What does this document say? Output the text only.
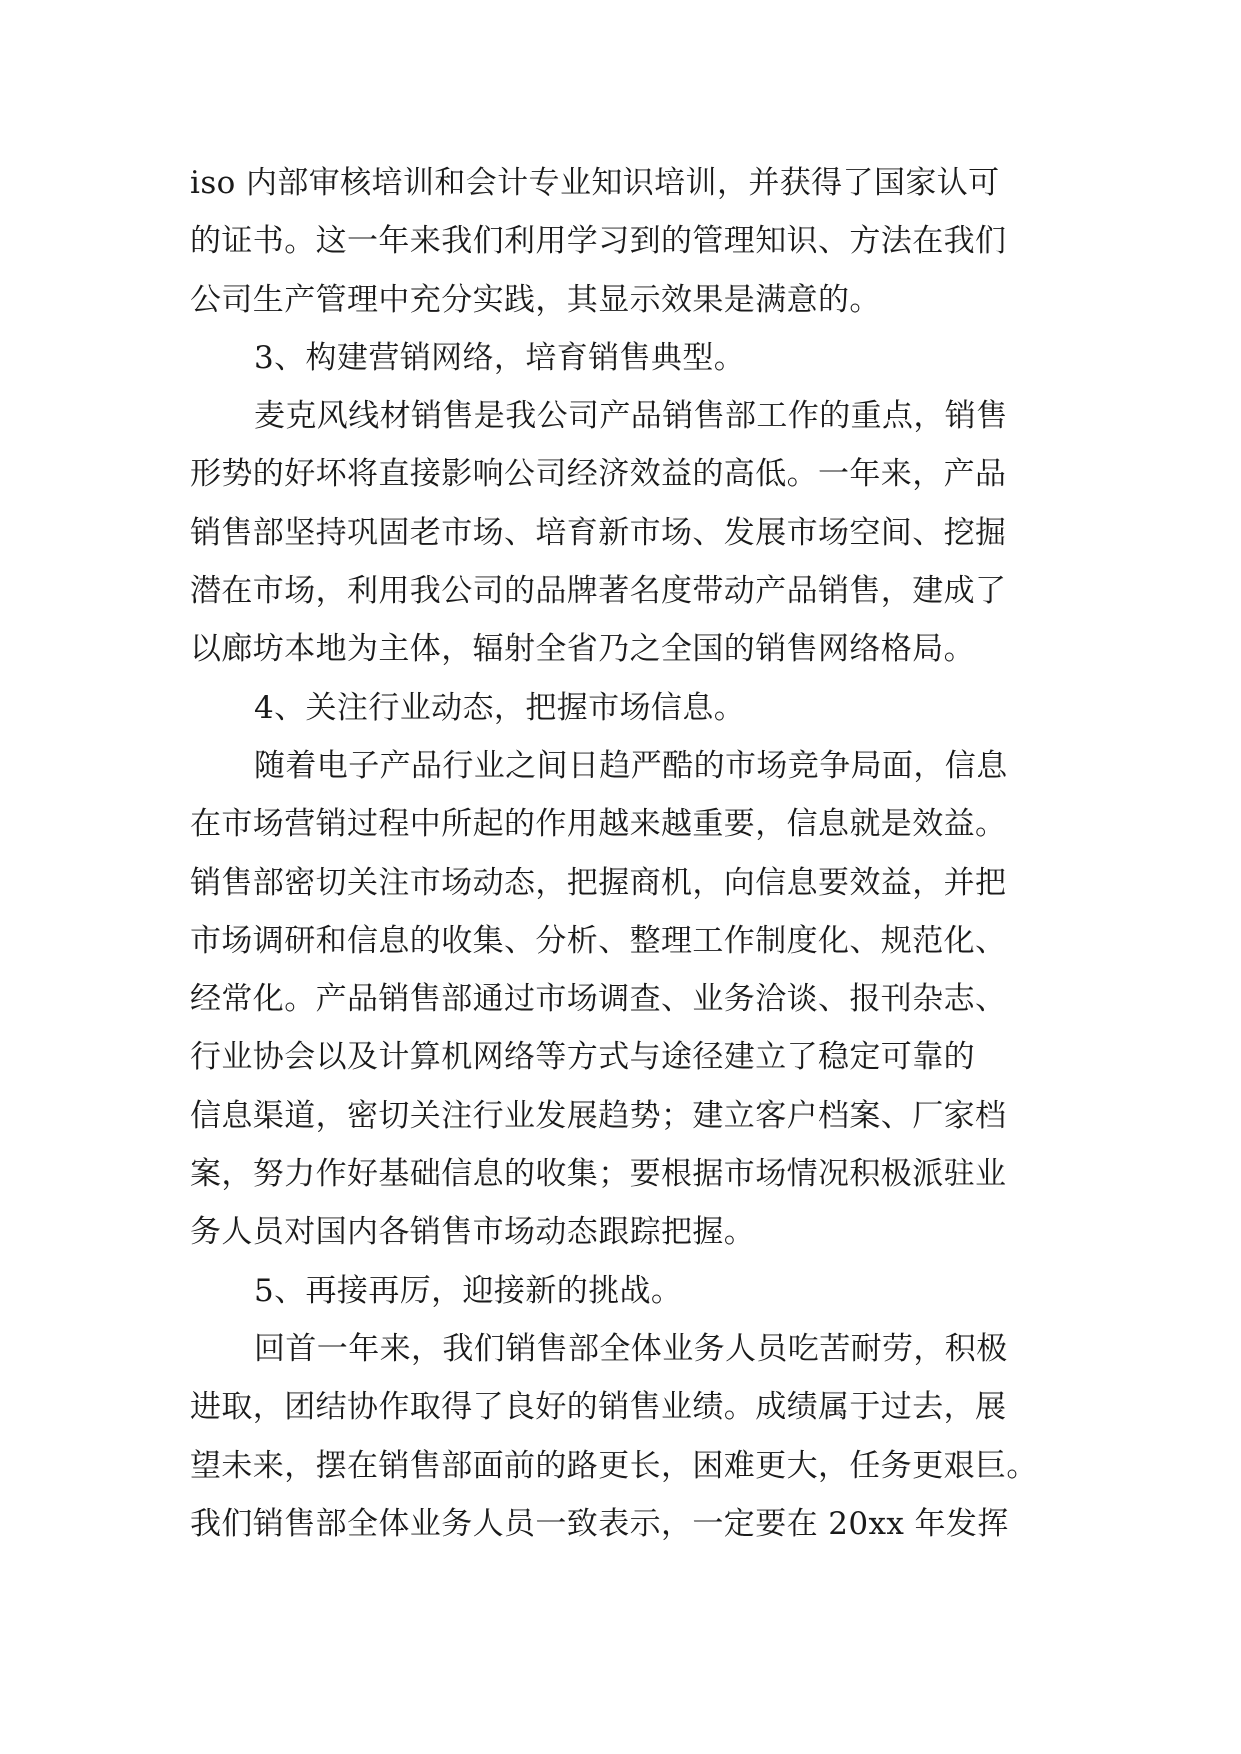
iso 内部审核培训和会计专业知识培训，并获得了国家认可
的证书。这一年来我们利用学习到的管理知识、方法在我们
公司生产管理中充分实践，其显示效果是满意的。
3、构建营销网络，培育销售典型。
麦克风线材销售是我公司产品销售部工作的重点，销售
形势的好坏将直接影响公司经济效益的高低。一年来，产品
销售部坚持巩固老市场、培育新市场、发展市场空间、挖掘
潜在市场，利用我公司的品牌著名度带动产品销售，建成了
以廊坊本地为主体，辐射全省乃之全国的销售网络格局。
4、关注行业动态，把握市场信息。
随着电子产品行业之间日趋严酷的市场竞争局面，信息
在市场营销过程中所起的作用越来越重要，信息就是效益。
销售部密切关注市场动态，把握商机，向信息要效益，并把
市场调研和信息的收集、分析、整理工作制度化、规范化、
经常化。产品销售部通过市场调查、业务洽谈、报刊杂志、
行业协会以及计算机网络等方式与途径建立了稳定可靠的
信息渠道，密切关注行业发展趋势；建立客户档案、厂家档
案，努力作好基础信息的收集；要根据市场情况积极派驻业
务人员对国内各销售市场动态跟踪把握。
5、再接再厉，迎接新的挑战。
回首一年来，我们销售部全体业务人员吃苦耐劳，积极
进取，团结协作取得了良好的销售业绩。成绩属于过去，展
望未来，摆在销售部面前的路更长，困难更大，任务更艰巨。
我们销售部全体业务人员一致表示，一定要在 20xx 年发挥
